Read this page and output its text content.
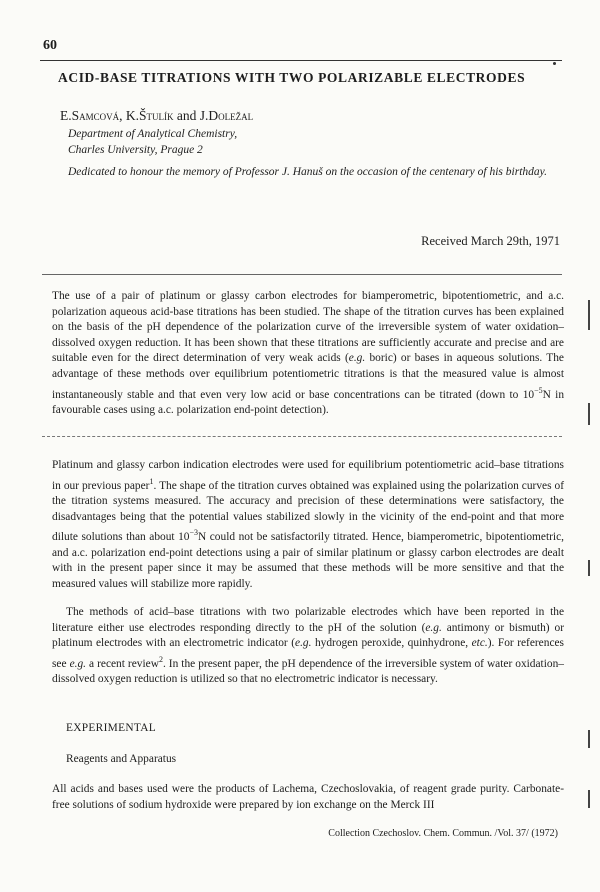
60
ACID-BASE TITRATIONS WITH TWO POLARIZABLE ELECTRODES
E.Samcová, K.Štulík and J.Doležal
Department of Analytical Chemistry,
Charles University, Prague 2
Dedicated to honour the memory of Professor J. Hanuš on the occasion of the centenary of his birthday.
Received March 29th, 1971
The use of a pair of platinum or glassy carbon electrodes for biamperometric, bipotentiometric, and a.c. polarization aqueous acid-base titrations has been studied. The shape of the titration curves has been explained on the basis of the pH dependence of the polarization curve of the irreversible system of water oxidation–dissolved oxygen reduction. It has been shown that these titrations are sufficiently accurate and precise and are suitable even for the direct determination of very weak acids (e.g. boric) or bases in aqueous solutions. The advantage of these methods over equilibrium potentiometric titrations is that the measured value is almost instantaneously stable and that even very low acid or base concentrations can be titrated (down to $10^{-5}N$ in favourable cases using a.c. polarization end-point detection).
Platinum and glassy carbon indication electrodes were used for equilibrium potentiometric acid–base titrations in our previous paper$^1$. The shape of the titration curves obtained was explained using the polarization curves of the titration systems measured. The accuracy and precision of these determinations were satisfactory, the disadvantages being that the potential values stabilized slowly in the vicinity of the end-point and that more dilute solutions than about $10^{-3}N$ could not be satisfactorily titrated. Hence, biamperometric, bipotentiometric, and a.c. polarization end-point detections using a pair of similar platinum or glassy carbon electrodes are dealt with in the present paper since it may be assumed that these methods will be more sensitive and that the measured values will stabilize more rapidly.
The methods of acid–base titrations with two polarizable electrodes which have been reported in the literature either use electrodes responding directly to the pH of the solution (e.g. antimony or bismuth) or platinum electrodes with an electrometric indicator (e.g. hydrogen peroxide, quinhydrone, etc.). For references see e.g. a recent review$^2$. In the present paper, the pH dependence of the irreversible system of water oxidation–dissolved oxygen reduction is utilized so that no electrometric indicator is necessary.
EXPERIMENTAL
Reagents and Apparatus
All acids and bases used were the products of Lachema, Czechoslovakia, of reagent grade purity. Carbonate-free solutions of sodium hydroxide were prepared by ion exchange on the Merck III
Collection Czechoslov. Chem. Commun. /Vol. 37/ (1972)
